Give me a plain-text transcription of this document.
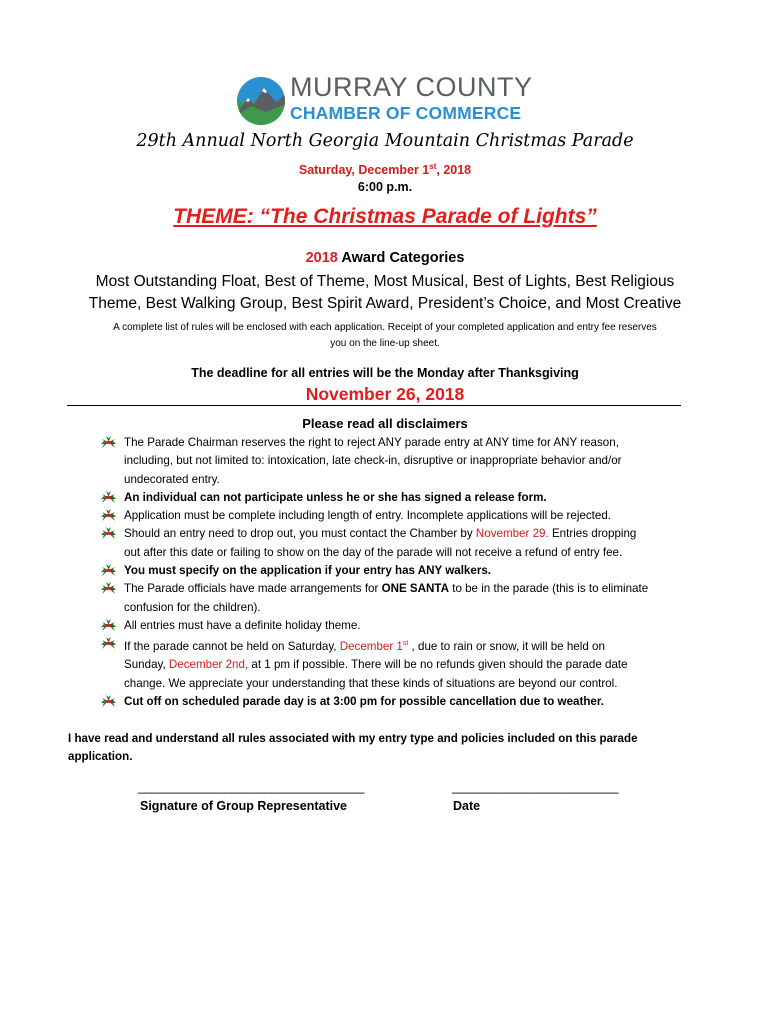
MURRAY COUNTY
CHAMBER OF COMMERCE
29th Annual North Georgia Mountain Christmas Parade
Saturday, December 1st, 2018
6:00 p.m.
THEME: “The Christmas Parade of Lights”
2018 Award Categories
Most Outstanding Float, Best of Theme, Most Musical, Best of Lights, Best Religious
Theme, Best Walking Group, Best Spirit Award, President’s Choice, and Most Creative
A complete list of rules will be enclosed with each application. Receipt of your completed application and entry fee reserves
you on the line-up sheet.
The deadline for all entries will be the Monday after Thanksgiving
November 26, 2018
Please read all disclaimers
The Parade Chairman reserves the right to reject ANY parade entry at ANY time for ANY reason,
including, but not limited to: intoxication, late check-in, disruptive or inappropriate behavior and/or
undecorated entry.
An individual can not participate unless he or she has signed a release form.
Application must be complete including length of entry. Incomplete applications will be rejected.
Should an entry need to drop out, you must contact the Chamber by November 29. Entries dropping
out after this date or failing to show on the day of the parade will not receive a refund of entry fee.
You must specify on the application if your entry has ANY walkers.
The Parade officials have made arrangements for ONE SANTA to be in the parade (this is to eliminate
confusion for the children).
All entries must have a definite holiday theme.
If the parade cannot be held on Saturday, December 1st , due to rain or snow, it will be held on
Sunday, December 2nd, at 1 pm if possible. There will be no refunds given should the parade date
change. We appreciate your understanding that these kinds of situations are beyond our control.
Cut off on scheduled parade day is at 3:00 pm for possible cancellation due to weather.
I have read and understand all rules associated with my entry type and policies included on this parade
application.
__________________________________
Signature of Group Representative
_________________________
Date
